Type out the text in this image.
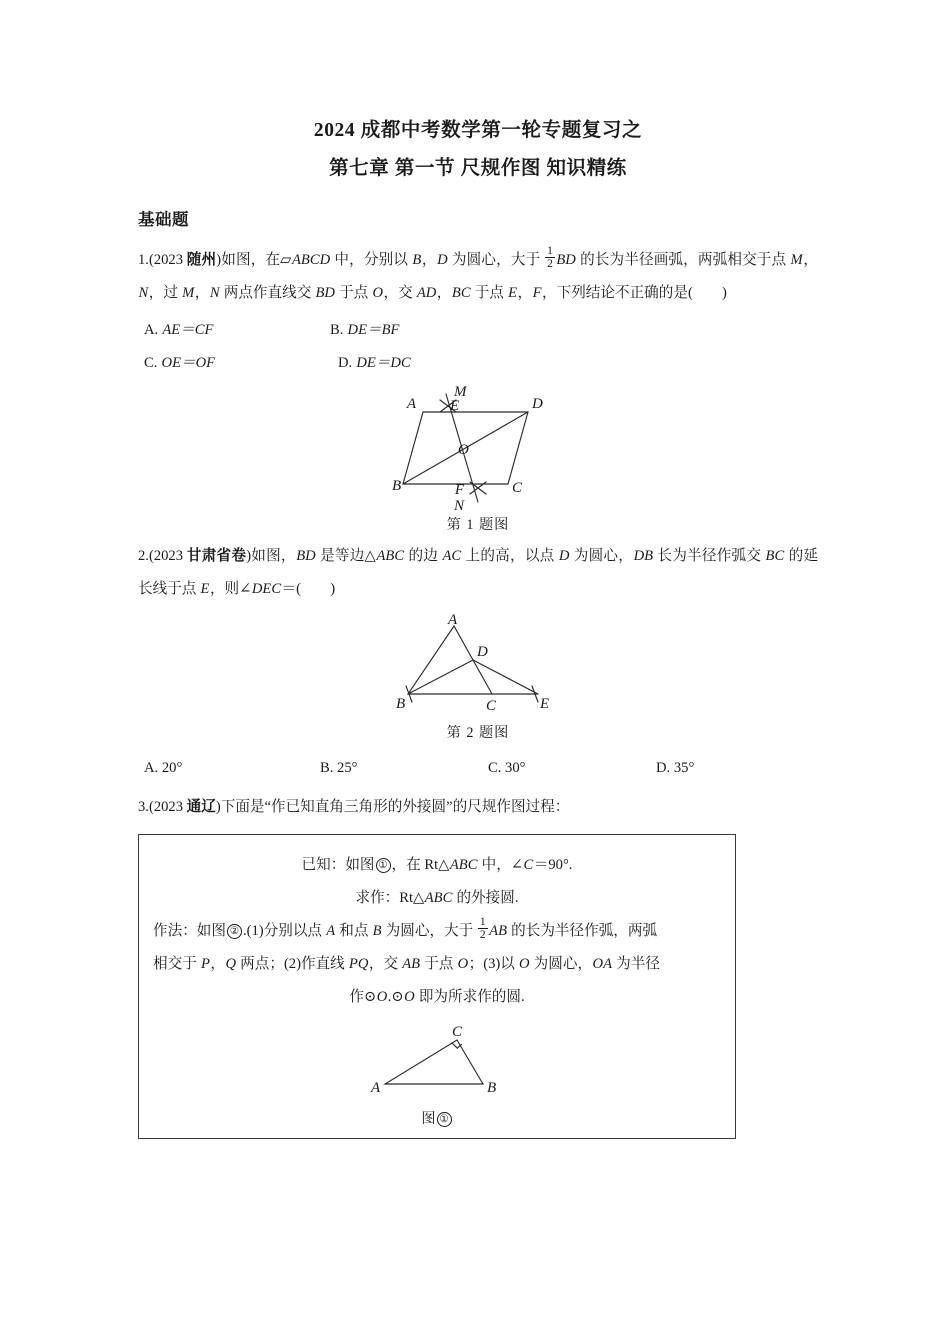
2024 成都中考数学第一轮专题复习之
第七章 第一节 尺规作图 知识精练
基础题
1.(2023 随州)如图，在▱ABCD 中，分别以 B，D 为圆心，大于 $\frac{1}{2}$ BD 的长为半径画弧，两弧相交于点 M，N，过 M，N 两点作直线交 BD 于点 O，交 AD，BC 于点 E，F，下列结论不正确的是(　　)
A. AE＝CF	B. DE＝BF
C. OE＝OF	D. DE＝DC
A
B	C
D
E
F
M
N
O
第 1 题图
2.(2023 甘肃省卷)如图，BD 是等边△ABC 的边 AC 上的高，以点 D 为圆心，DB 长为半径作弧交 BC 的延长线于点 E，则∠DEC＝(　　)
A
B	C
D
E
第 2 题图
A. 20°	B. 25°	C. 30°	D. 35°
3.(2023 通辽)下面是“作已知直角三角形的外接圆”的尺规作图过程：
已知：如图 ① ，在 Rt△ABC 中，∠C＝90°.
求作：Rt△ABC 的外接圆.
作法：如图 ② .(1)分别以点 A 和点 B 为圆心，大于 $\frac{1}{2}$ AB 的长为半径作弧，两弧
相交于 P，Q 两点；(2)作直线 PQ，交 AB 于点 O；(3)以 O 为圆心，OA 为半径
作⊙O.⊙O 即为所求作的圆.
A	B
C
图 ①
